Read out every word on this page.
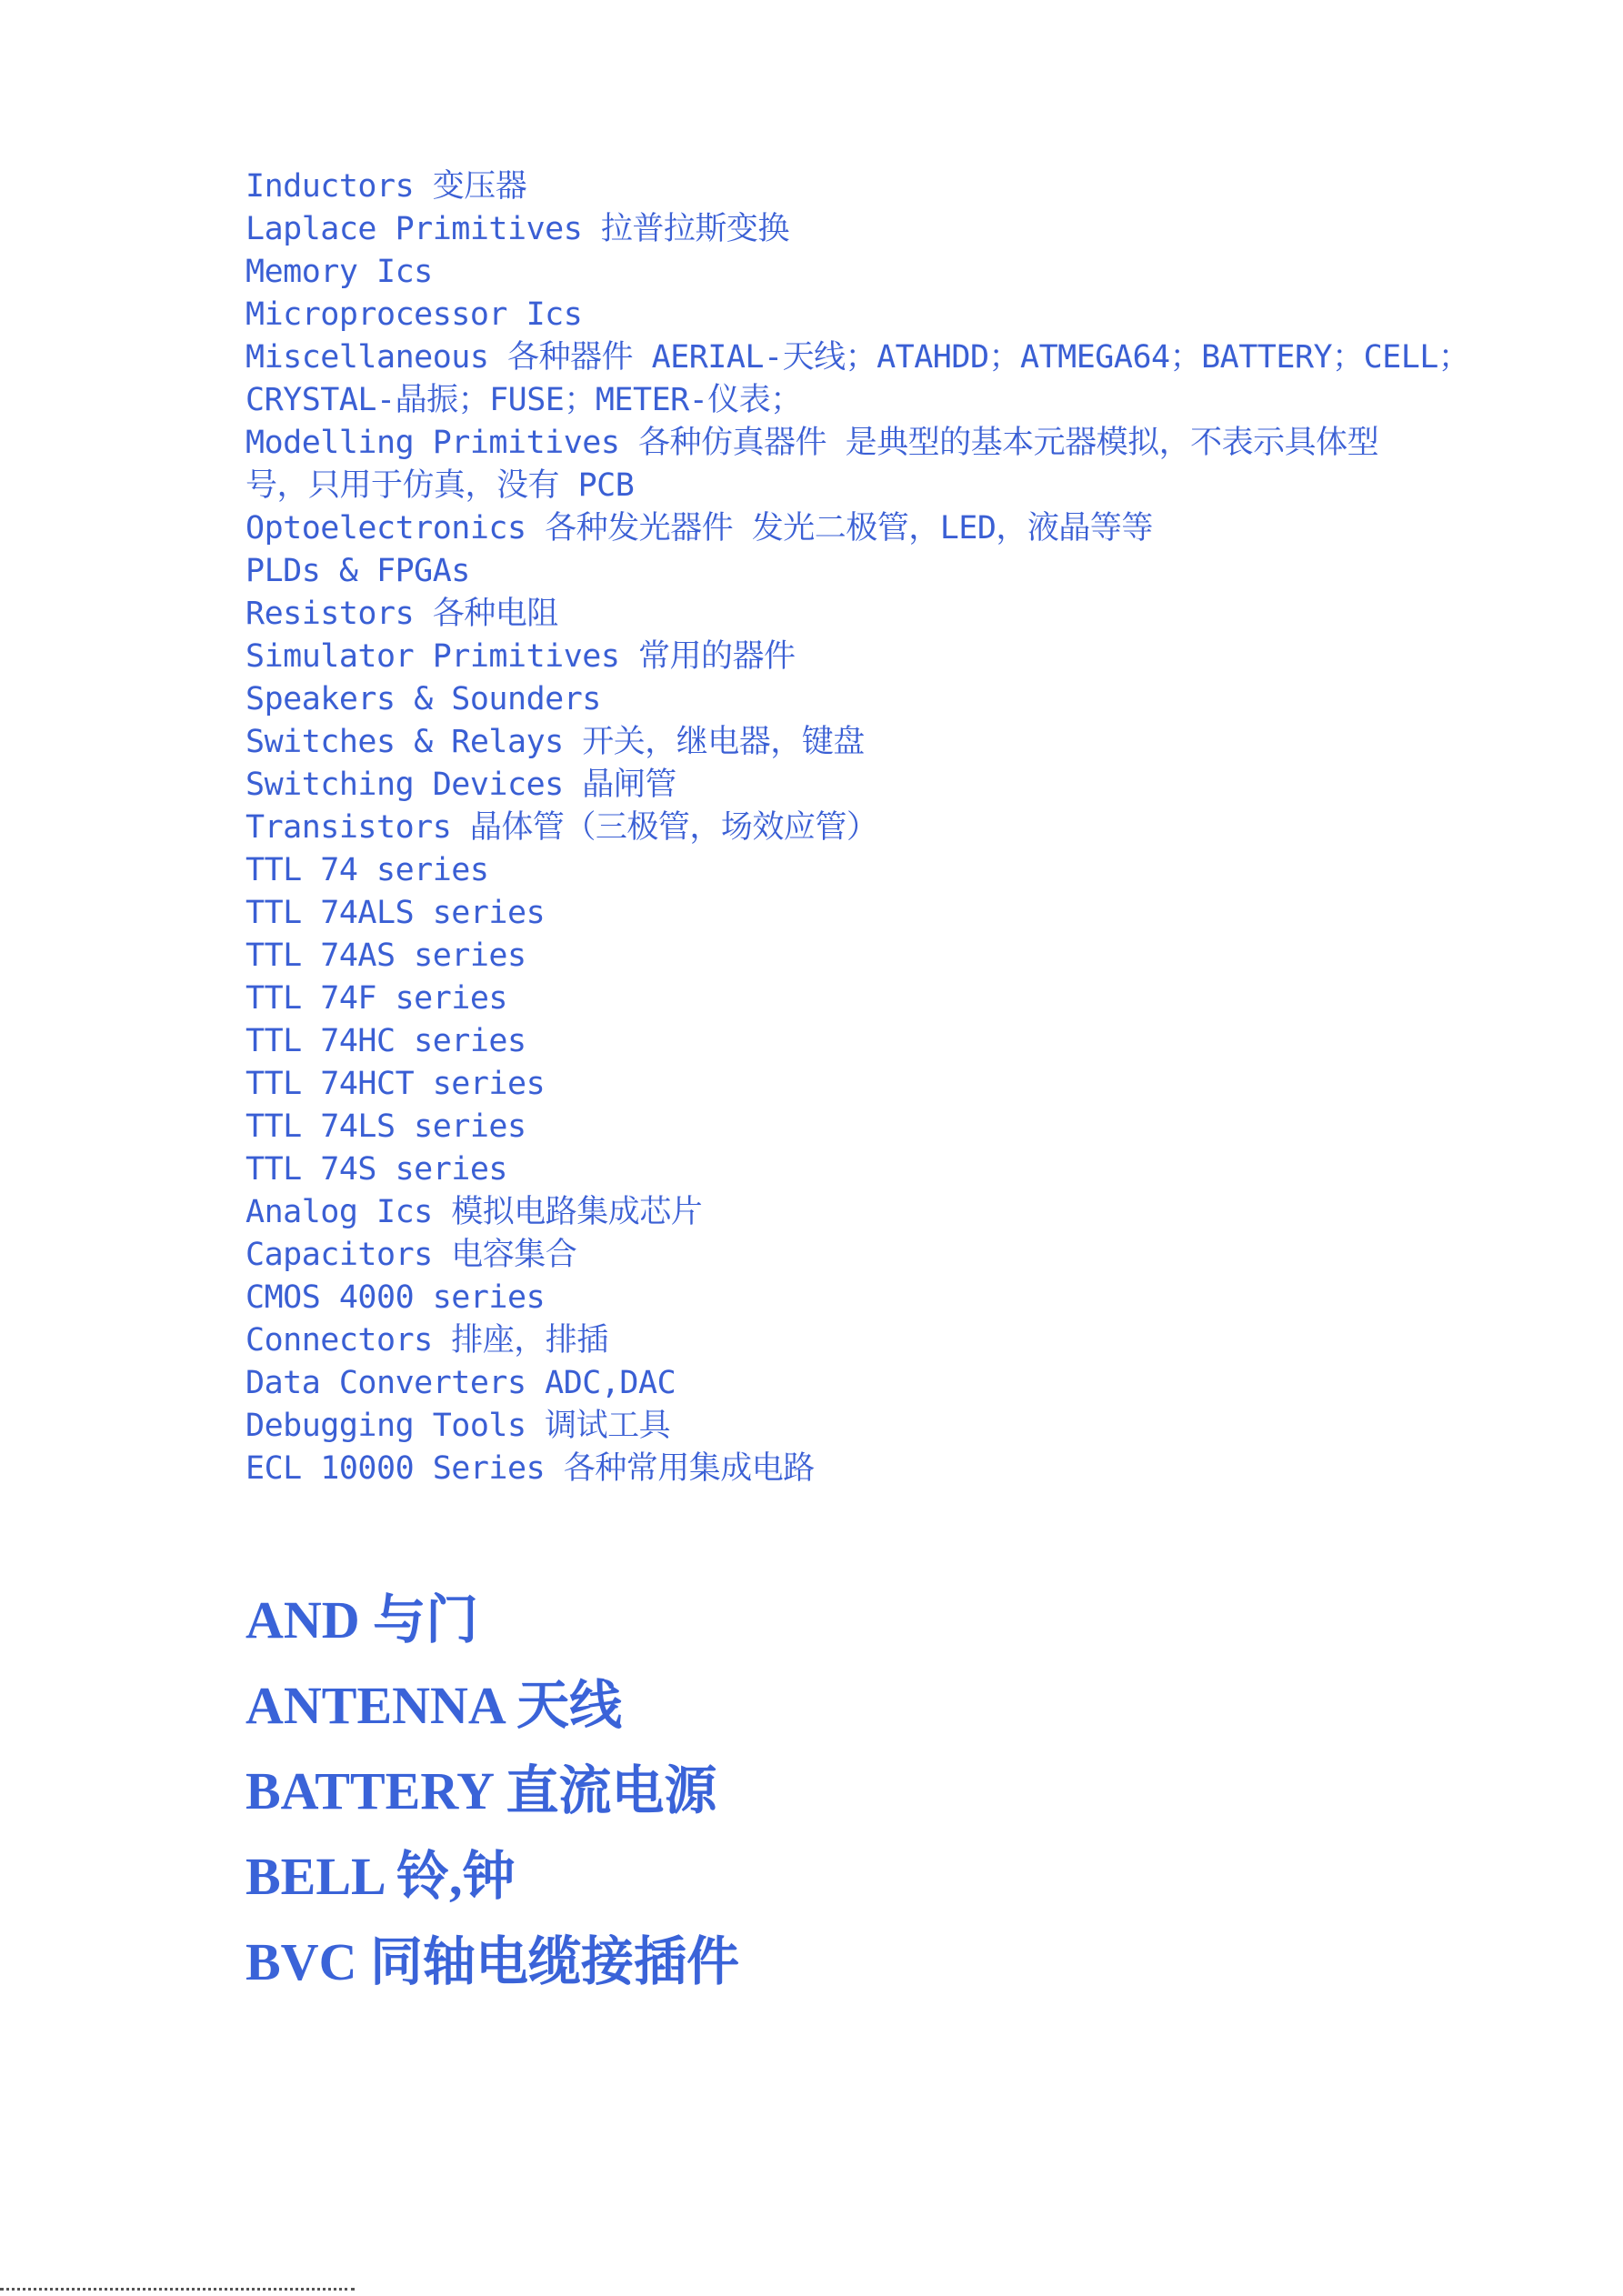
Inductors 变压器
Laplace Primitives 拉普拉斯变换
Memory Ics
Microprocessor Ics
Miscellaneous 各种器件 AERIAL-天线；ATAHDD；ATMEGA64；BATTERY；CELL；
CRYSTAL-晶振；FUSE；METER-仪表；
Modelling Primitives 各种仿真器件 是典型的基本元器模拟，不表示具体型
号，只用于仿真，没有 PCB
Optoelectronics 各种发光器件 发光二极管，LED，液晶等等
PLDs & FPGAs
Resistors 各种电阻
Simulator Primitives 常用的器件
Speakers & Sounders
Switches & Relays 开关，继电器，键盘
Switching Devices 晶闸管
Transistors 晶体管（三极管，场效应管）
TTL 74 series
TTL 74ALS series
TTL 74AS series
TTL 74F series
TTL 74HC series
TTL 74HCT series
TTL 74LS series
TTL 74S series
Analog Ics 模拟电路集成芯片
Capacitors 电容集合
CMOS 4000 series
Connectors 排座，排插
Data Converters ADC,DAC
Debugging Tools 调试工具
ECL 10000 Series 各种常用集成电路
AND 与门
ANTENNA 天线
BATTERY 直流电源
BELL 铃,钟
BVC 同轴电缆接插件
